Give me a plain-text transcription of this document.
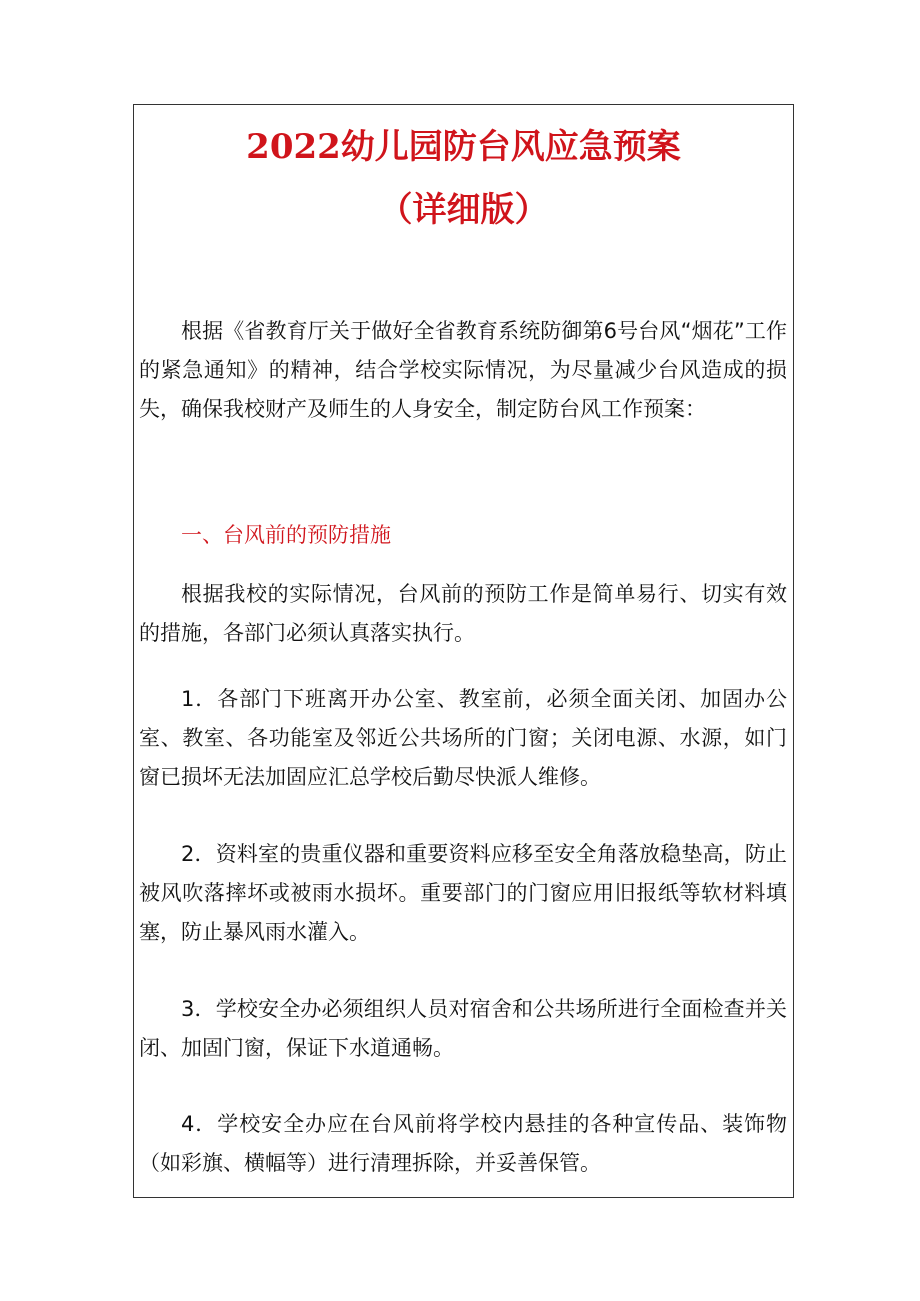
2022幼儿园防台风应急预案
（详细版）

根据《省教育厅关于做好全省教育系统防御第6号台风“烟花”工作的紧急通知》的精神，结合学校实际情况，为尽量减少台风造成的损失，确保我校财产及师生的人身安全，制定防台风工作预案：

一、台风前的预防措施

根据我校的实际情况，台风前的预防工作是简单易行、切实有效的措施，各部门必须认真落实执行。

1．各部门下班离开办公室、教室前，必须全面关闭、加固办公室、教室、各功能室及邻近公共场所的门窗；关闭电源、水源，如门窗已损坏无法加固应汇总学校后勤尽快派人维修。

2．资料室的贵重仪器和重要资料应移至安全角落放稳垫高，防止被风吹落摔坏或被雨水损坏。重要部门的门窗应用旧报纸等软材料填塞，防止暴风雨水灌入。

3．学校安全办必须组织人员对宿舍和公共场所进行全面检查并关闭、加固门窗，保证下水道通畅。

4．学校安全办应在台风前将学校内悬挂的各种宣传品、装饰物（如彩旗、横幅等）进行清理拆除，并妥善保管。
